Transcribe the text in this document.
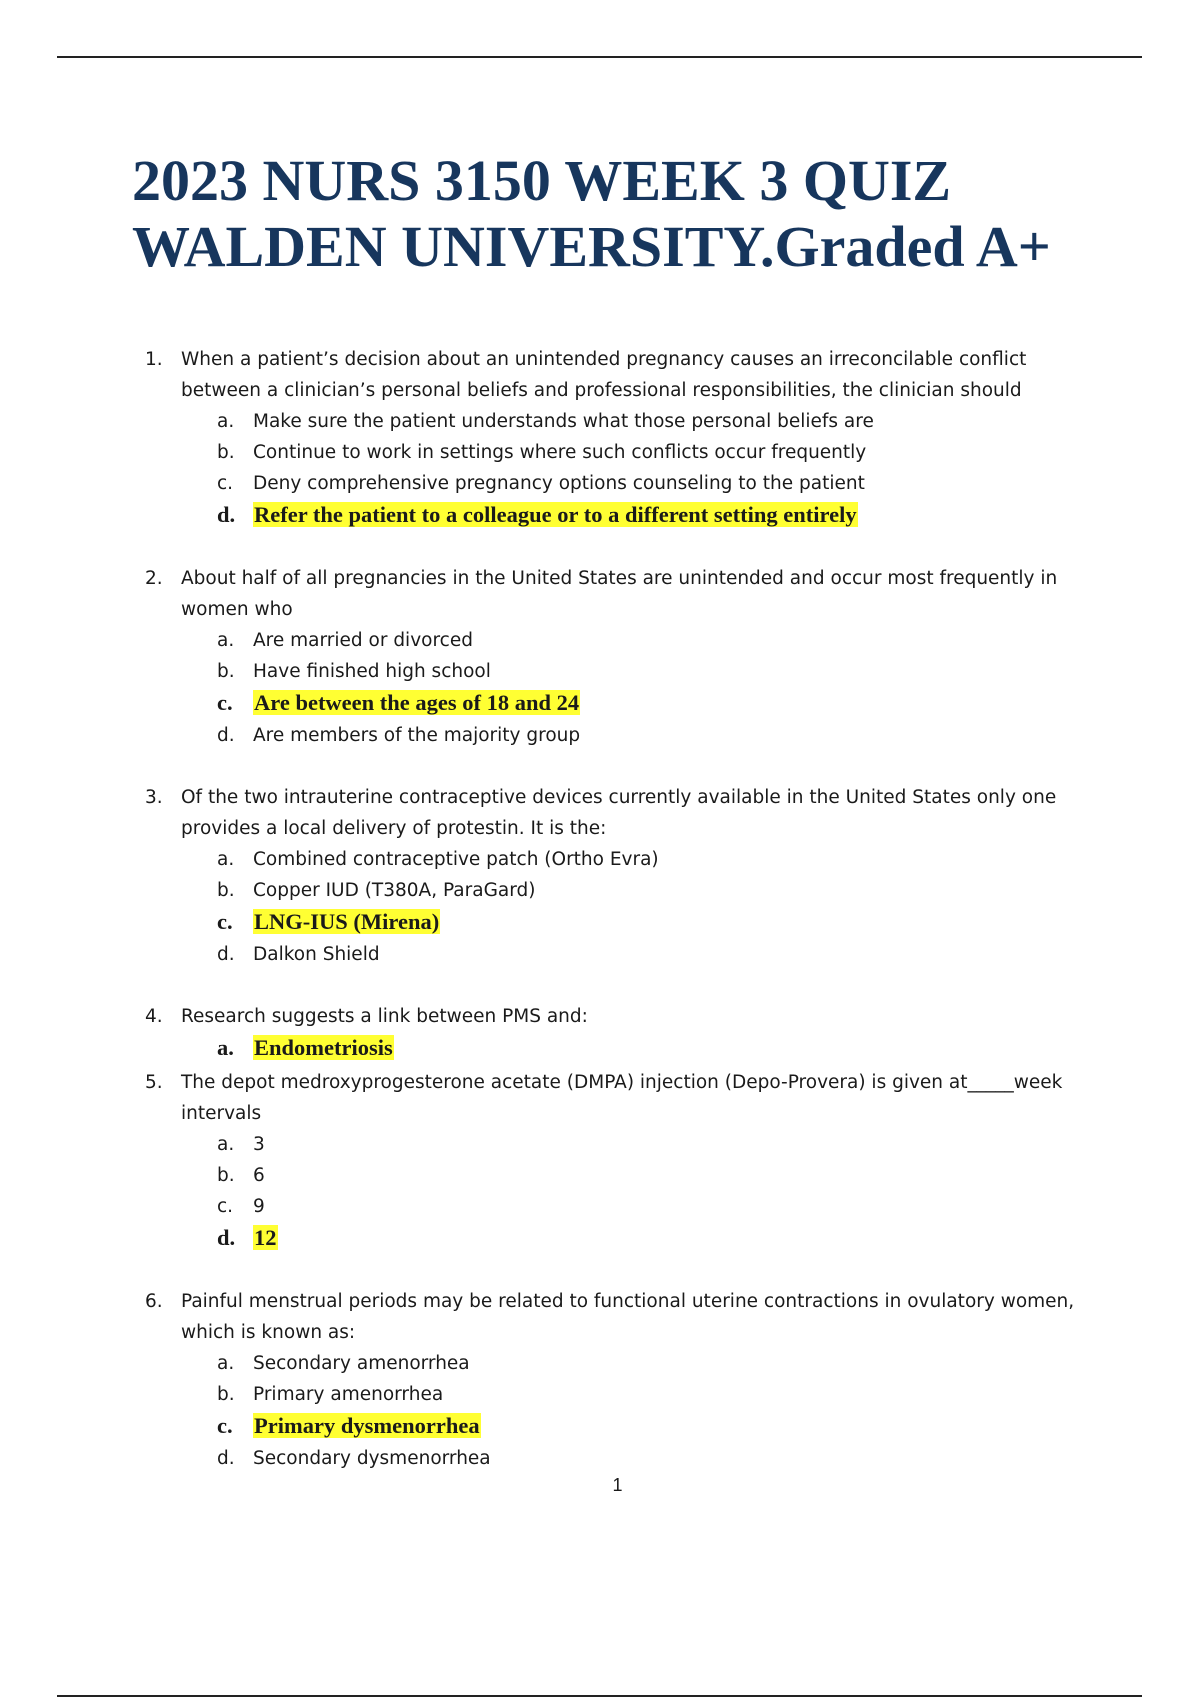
2023 NURS 3150 WEEK 3 QUIZ
WALDEN UNIVERSITY.Graded A+
1. When a patient’s decision about an unintended pregnancy causes an irreconcilable conflict between a clinician’s personal beliefs and professional responsibilities, the clinician should
a. Make sure the patient understands what those personal beliefs are
b. Continue to work in settings where such conflicts occur frequently
c. Deny comprehensive pregnancy options counseling to the patient
d. Refer the patient to a colleague or to a different setting entirely
2. About half of all pregnancies in the United States are unintended and occur most frequently in women who
a. Are married or divorced
b. Have finished high school
c. Are between the ages of 18 and 24
d. Are members of the majority group
3. Of the two intrauterine contraceptive devices currently available in the United States only one provides a local delivery of protestin. It is the:
a. Combined contraceptive patch (Ortho Evra)
b. Copper IUD (T380A, ParaGard)
c. LNG-IUS (Mirena)
d. Dalkon Shield
4. Research suggests a link between PMS and:
a. Endometriosis
5. The depot medroxyprogesterone acetate (DMPA) injection (Depo-Provera) is given at_____week intervals
a. 3
b. 6
c. 9
d. 12
6. Painful menstrual periods may be related to functional uterine contractions in ovulatory women, which is known as:
a. Secondary amenorrhea
b. Primary amenorrhea
c. Primary dysmenorrhea
d. Secondary dysmenorrhea
1
